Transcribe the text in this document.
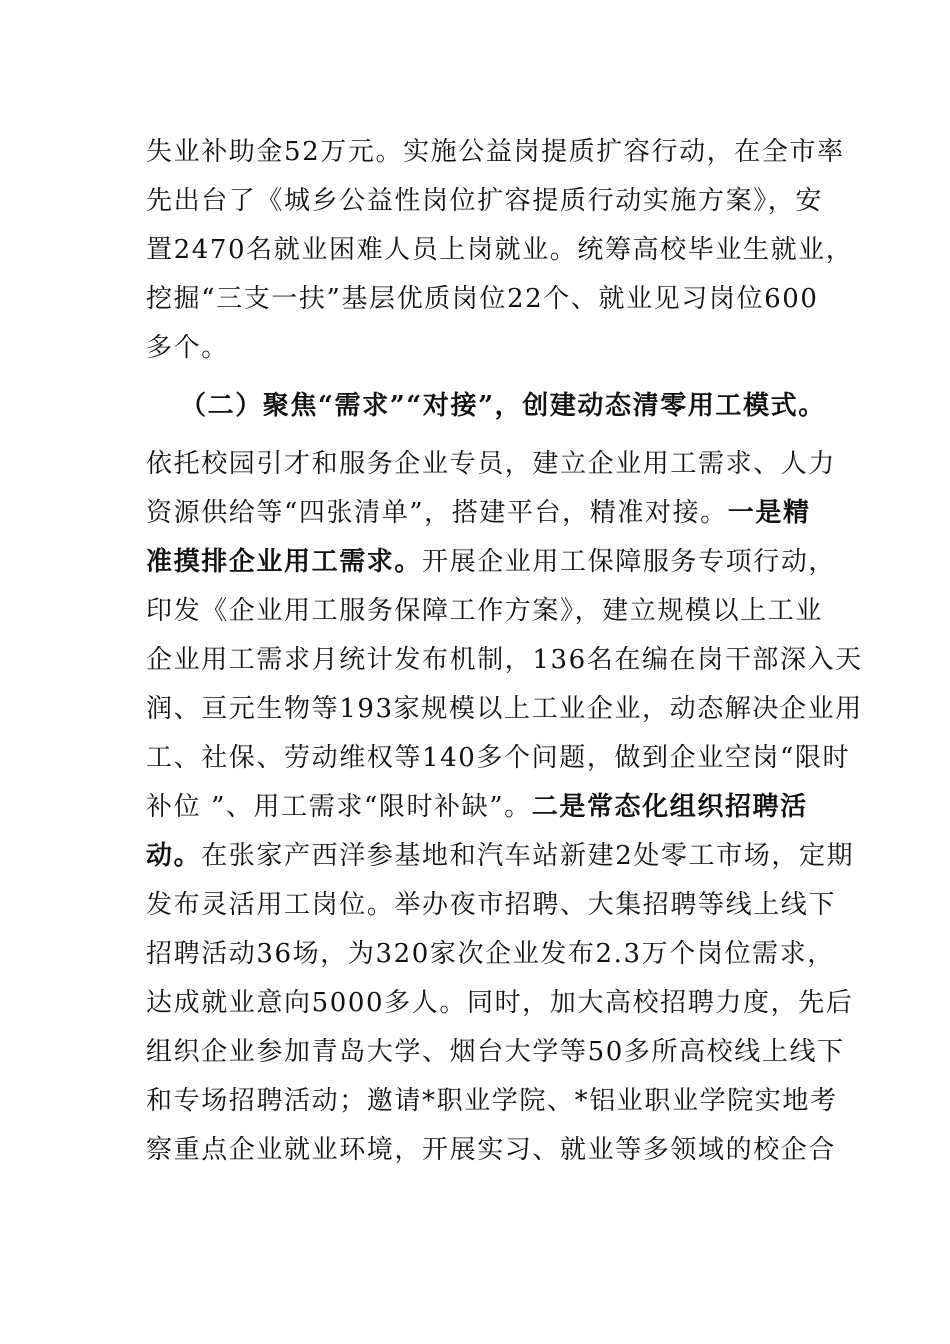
失业补助金52万元。实施公益岗提质扩容行动，在全市率
先出台了《城乡公益性岗位扩容提质行动实施方案》，安
置2470名就业困难人员上岗就业。统筹高校毕业生就业，
挖掘“三支一扶”基层优质岗位22个、就业见习岗位600
多个。
（二）聚焦“需求”“对接”，创建动态清零用工模式。
依托校园引才和服务企业专员，建立企业用工需求、人力
资源供给等“四张清单”，搭建平台，精准对接。一是精
准摸排企业用工需求。开展企业用工保障服务专项行动，
印发《企业用工服务保障工作方案》，建立规模以上工业
企业用工需求月统计发布机制，136名在编在岗干部深入天
润、亘元生物等193家规模以上工业企业，动态解决企业用
工、社保、劳动维权等140多个问题，做到企业空岗“限时
补位 ”、用工需求“限时补缺”。二是常态化组织招聘活
动。在张家产西洋参基地和汽车站新建2处零工市场，定期
发布灵活用工岗位。举办夜市招聘、大集招聘等线上线下
招聘活动36场，为320家次企业发布2.3万个岗位需求，
达成就业意向5000多人。同时，加大高校招聘力度，先后
组织企业参加青岛大学、烟台大学等50多所高校线上线下
和专场招聘活动；邀请*职业学院、*铝业职业学院实地考
察重点企业就业环境，开展实习、就业等多领域的校企合
